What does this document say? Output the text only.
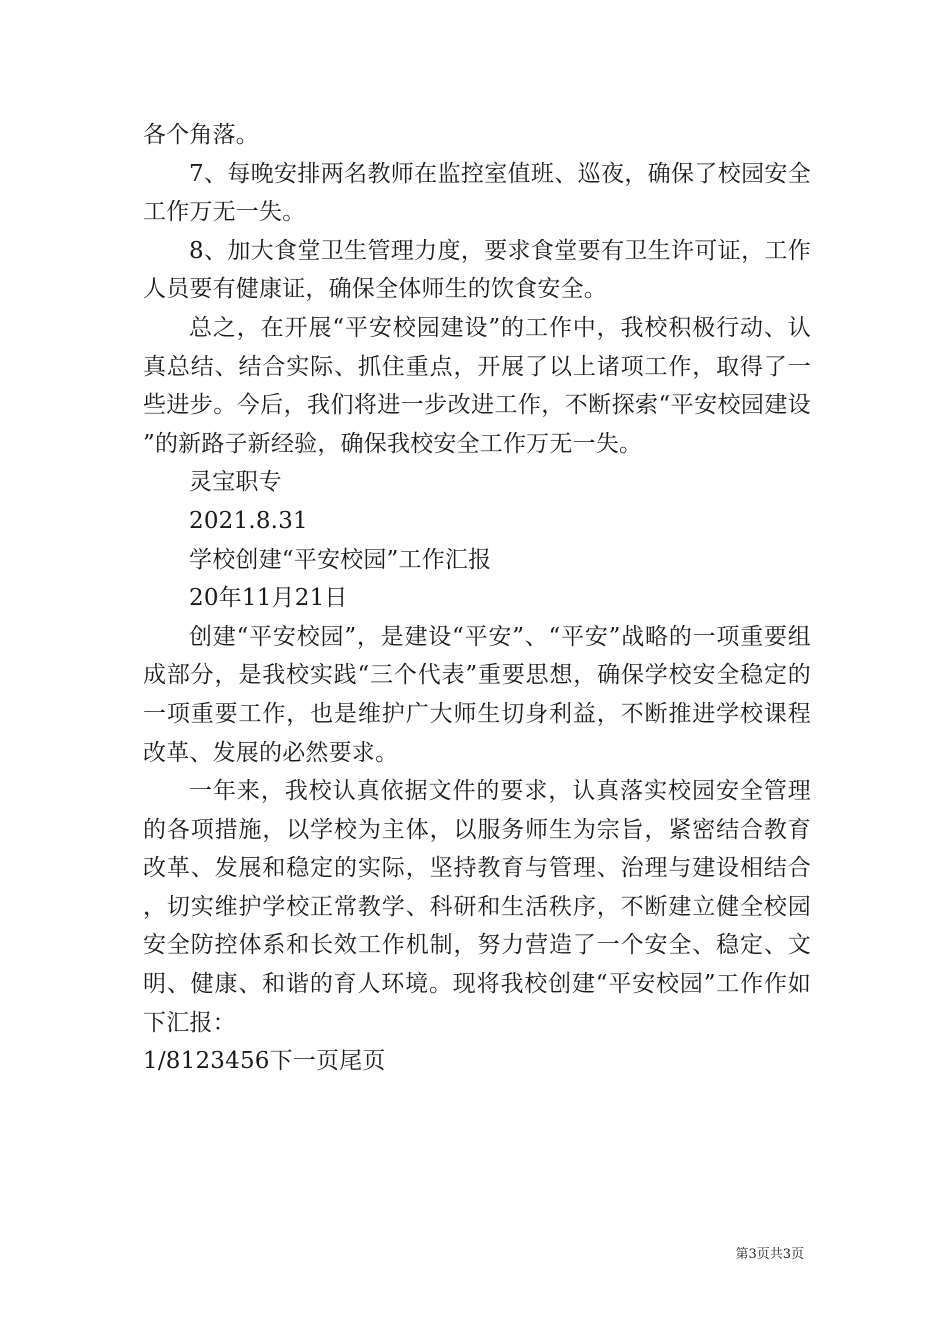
各个角落。

7、每晚安排两名教师在监控室值班、巡夜，确保了校园安全工作万无一失。

8、加大食堂卫生管理力度，要求食堂要有卫生许可证，工作人员要有健康证，确保全体师生的饮食安全。

总之，在开展“平安校园建设”的工作中，我校积极行动、认真总结、结合实际、抓住重点，开展了以上诸项工作，取得了一些进步。今后，我们将进一步改进工作，不断探索“平安校园建设”的新路子新经验，确保我校安全工作万无一失。

灵宝职专

2021.8.31

学校创建“平安校园”工作汇报

20年11月21日

创建“平安校园”，是建设“平安”、“平安”战略的一项重要组成部分，是我校实践“三个代表”重要思想，确保学校安全稳定的一项重要工作，也是维护广大师生切身利益，不断推进学校课程改革、发展的必然要求。

一年来，我校认真依据文件的要求，认真落实校园安全管理的各项措施，以学校为主体，以服务师生为宗旨，紧密结合教育改革、发展和稳定的实际，坚持教育与管理、治理与建设相结合，切实维护学校正常教学、科研和生活秩序，不断建立健全校园安全防控体系和长效工作机制，努力营造了一个安全、稳定、文明、健康、和谐的育人环境。现将我校创建“平安校园”工作作如下汇报：

1/8123456下一页尾页

第3页共3页
